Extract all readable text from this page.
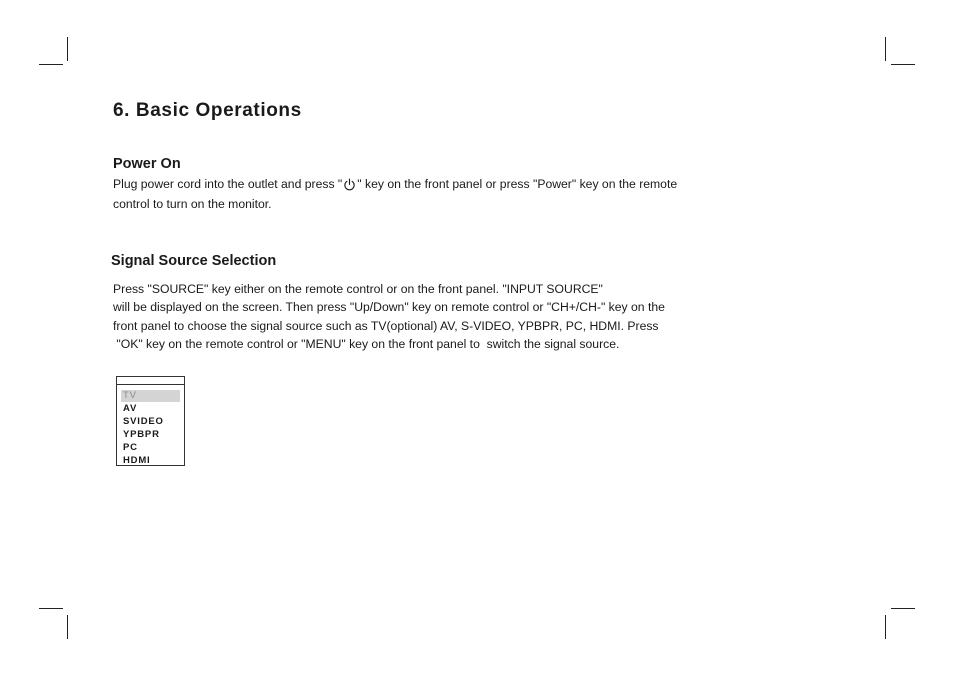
6. Basic Operations
Power On
Plug power cord into the outlet and press " " key on the front panel or press "Power" key on the remote
control to turn on the monitor.
Signal Source Selection
Press "SOURCE" key either on the remote control or on the front panel. "INPUT SOURCE"
will be displayed on the screen. Then press "Up/Down" key on remote control or "CH+/CH-" key on the
front panel to choose the signal source such as TV(optional) AV, S-VIDEO, YPBPR, PC, HDMI. Press
"OK" key on the remote control or "MENU" key on the front panel to  switch the signal source.
TV
AV
SVIDEO
YPBPR
PC
HDMI
